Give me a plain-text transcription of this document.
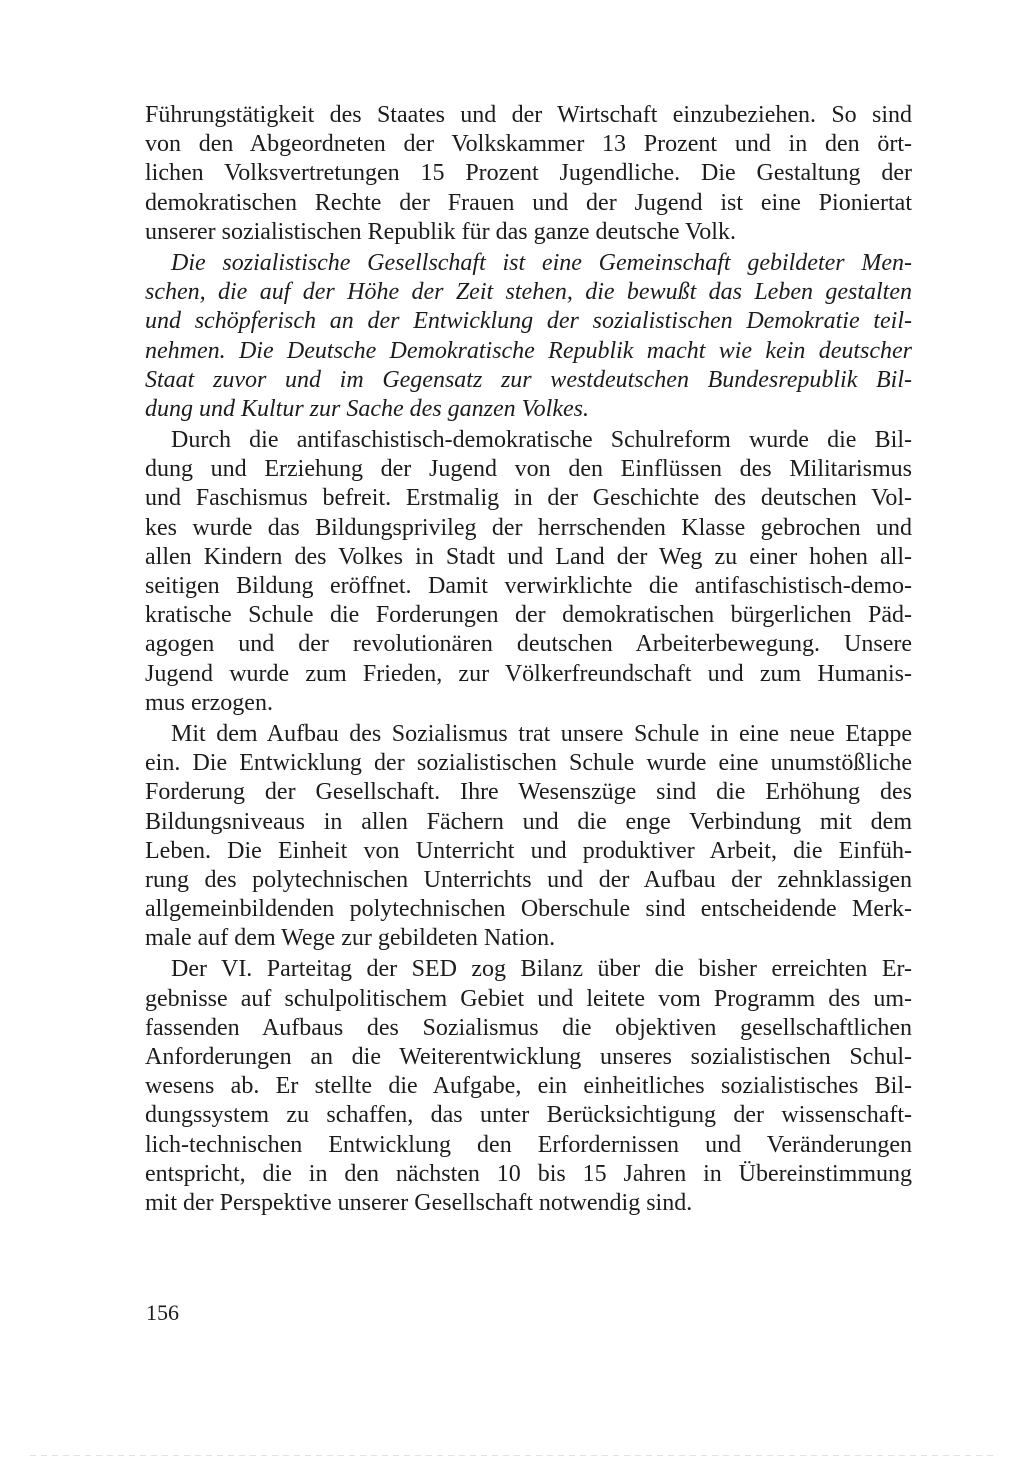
Führungstätigkeit des Staates und der Wirtschaft einzubeziehen. So sind
von den Abgeordneten der Volkskammer 13 Prozent und in den ört-
lichen Volksvertretungen 15 Prozent Jugendliche. Die Gestaltung der
demokratischen Rechte der Frauen und der Jugend ist eine Pioniertat
unserer sozialistischen Republik für das ganze deutsche Volk.
Die sozialistische Gesellschaft ist eine Gemeinschaft gebildeter Men-
schen, die auf der Höhe der Zeit stehen, die bewußt das Leben gestalten
und schöpferisch an der Entwicklung der sozialistischen Demokratie teil-
nehmen. Die Deutsche Demokratische Republik macht wie kein deutscher
Staat zuvor und im Gegensatz zur westdeutschen Bundesrepublik Bil-
dung und Kultur zur Sache des ganzen Volkes.
Durch die antifaschistisch-demokratische Schulreform wurde die Bil-
dung und Erziehung der Jugend von den Einflüssen des Militarismus
und Faschismus befreit. Erstmalig in der Geschichte des deutschen Vol-
kes wurde das Bildungsprivileg der herrschenden Klasse gebrochen und
allen Kindern des Volkes in Stadt und Land der Weg zu einer hohen all-
seitigen Bildung eröffnet. Damit verwirklichte die antifaschistisch-demo-
kratische Schule die Forderungen der demokratischen bürgerlichen Päd-
agogen und der revolutionären deutschen Arbeiterbewegung. Unsere
Jugend wurde zum Frieden, zur Völkerfreundschaft und zum Humanis-
mus erzogen.
Mit dem Aufbau des Sozialismus trat unsere Schule in eine neue Etappe
ein. Die Entwicklung der sozialistischen Schule wurde eine unumstößliche
Forderung der Gesellschaft. Ihre Wesenszüge sind die Erhöhung des
Bildungsniveaus in allen Fächern und die enge Verbindung mit dem
Leben. Die Einheit von Unterricht und produktiver Arbeit, die Einfüh-
rung des polytechnischen Unterrichts und der Aufbau der zehnklassigen
allgemeinbildenden polytechnischen Oberschule sind entscheidende Merk-
male auf dem Wege zur gebildeten Nation.
Der VI. Parteitag der SED zog Bilanz über die bisher erreichten Er-
gebnisse auf schulpolitischem Gebiet und leitete vom Programm des um-
fassenden Aufbaus des Sozialismus die objektiven gesellschaftlichen
Anforderungen an die Weiterentwicklung unseres sozialistischen Schul-
wesens ab. Er stellte die Aufgabe, ein einheitliches sozialistisches Bil-
dungssystem zu schaffen, das unter Berücksichtigung der wissenschaft-
lich-technischen Entwicklung den Erfordernissen und Veränderungen
entspricht, die in den nächsten 10 bis 15 Jahren in Übereinstimmung
mit der Perspektive unserer Gesellschaft notwendig sind.
156
